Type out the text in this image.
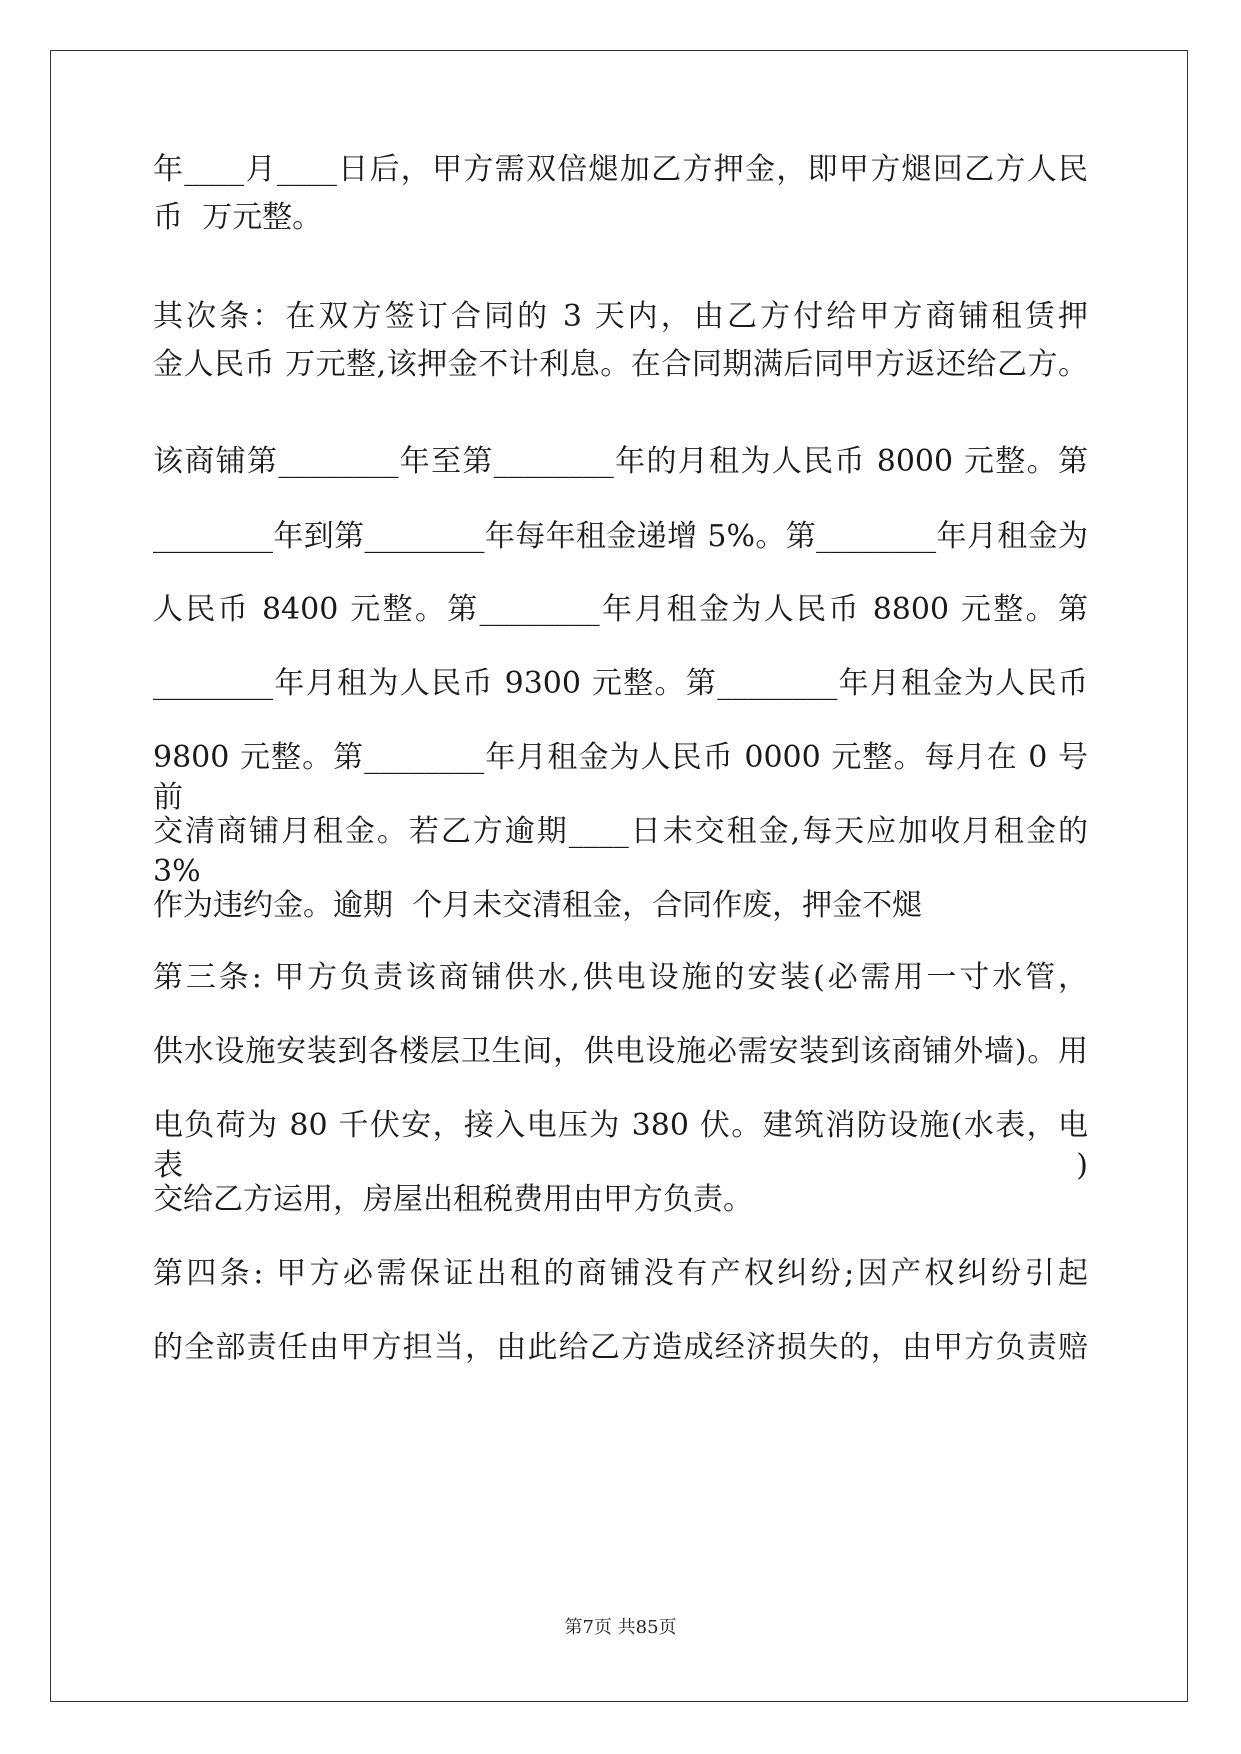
年____月____日后，甲方需双倍煺加乙方押金，即甲方煺回乙方人民
币  万元整。
其次条：在双方签订合同的 3 天内，由乙方付给甲方商铺租赁押
金人民币 万元整,该押金不计利息。在合同期满后同甲方返还给乙方。
该商铺第________年至第________年的月租为人民币 8000 元整。第
________年到第________年每年租金递增 5%。第________年月租金为
人民币 8400 元整。第________年月租金为人民币 8800 元整。第
________年月租为人民币 9300 元整。第________年月租金为人民币
9800 元整。第________年月租金为人民币 0000 元整。每月在 0 号前
交清商铺月租金。若乙方逾期____日未交租金,每天应加收月租金的 3%
作为违约金。逾期  个月未交清租金，合同作废，押金不煺
第三条: 甲方负责该商铺供水,供电设施的安装(必需用一寸水管，
供水设施安装到各楼层卫生间，供电设施必需安装到该商铺外墙)。用
电负荷为 80 千伏安，接入电压为 380 伏。建筑消防设施(水表，电表)
交给乙方运用，房屋出租税费用由甲方负责。
第四条: 甲方必需保证出租的商铺没有产权纠纷;因产权纠纷引起
的全部责任由甲方担当，由此给乙方造成经济损失的，由甲方负责赔
第7页 共85页
